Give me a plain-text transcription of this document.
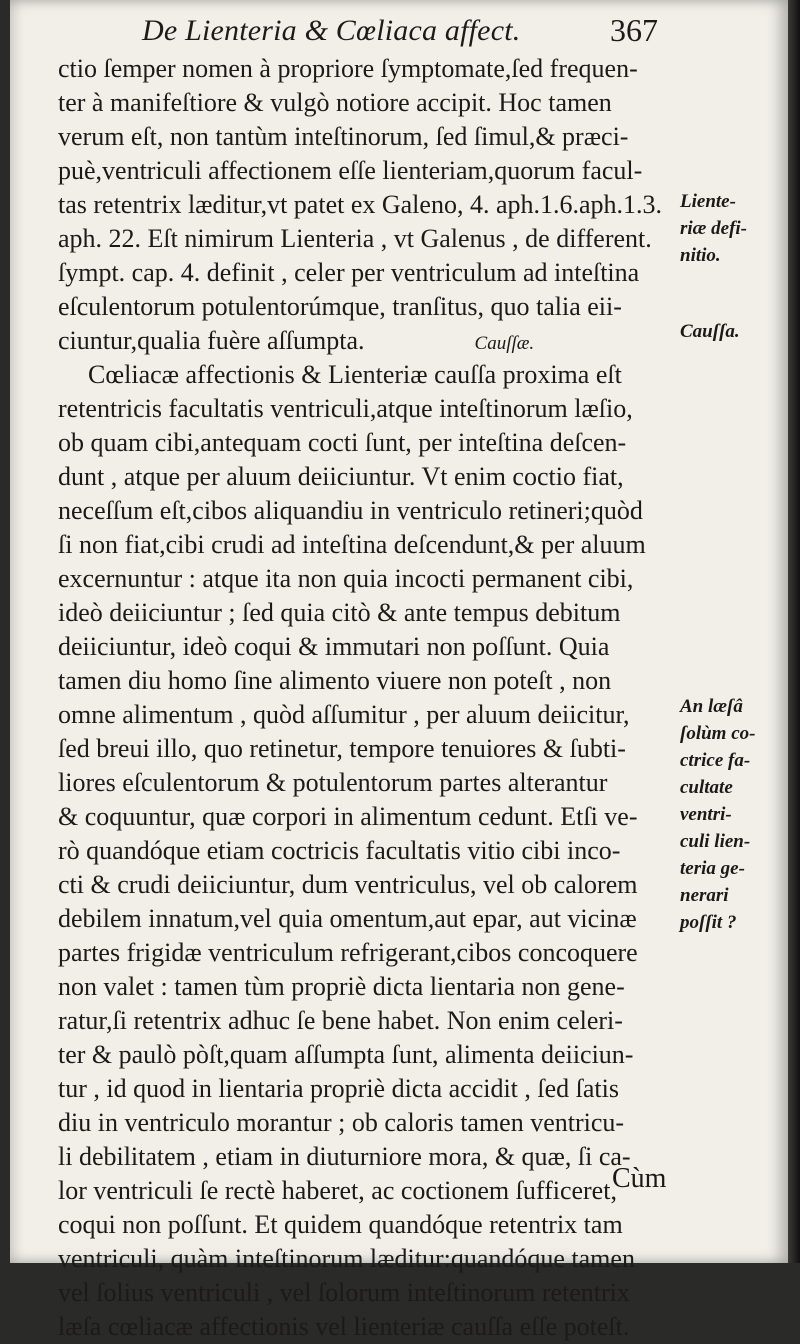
De Lienteria & Cœliaca affect.	367
ctio ſemper nomen à propriore ſymptomate,ſed frequen-
ter à manifeſtiore & vulgò notiore accipit. Hoc tamen
verum eſt, non tantùm inteſtinorum, ſed ſimul,& præci-
puè,ventriculi affectionem eſſe lienteriam,quorum facul-
tas retentrix læditur,vt patet ex Galeno, 4. aph.1.6.aph.1.3.
aph. 22. Eſt nimirum Lienteria , vt Galenus , de different.
ſympt. cap. 4. definit , celer per ventriculum ad inteſtina
eſculentorum potulentorúmque, tranſitus, quo talia eii-
ciuntur,qualia fuère aſſumpta.	Cauſſæ.
Cœliacæ affectionis & Lienteriæ cauſſa proxima eſt
retentricis facultatis ventriculi,atque inteſtinorum læſio,
ob quam cibi,antequam cocti ſunt, per inteſtina deſcen-
dunt , atque per aluum deiiciuntur. Vt enim coctio fiat,
neceſſum eſt,cibos aliquandiu in ventriculo retineri;quòd
ſi non fiat,cibi crudi ad inteſtina deſcendunt,& per aluum
excernuntur : atque ita non quia incocti permanent cibi,
ideò deiiciuntur ; ſed quia citò & ante tempus debitum
deiiciuntur, ideò coqui & immutari non poſſunt. Quia
tamen diu homo ſine alimento viuere non poteſt , non
omne alimentum , quòd aſſumitur , per aluum deiicitur,
ſed breui illo, quo retinetur, tempore tenuiores & ſubti-
liores eſculentorum & potulentorum partes alterantur
& coquuntur, quæ corpori in alimentum cedunt. Etſi ve-
rò quandóque etiam coctricis facultatis vitio cibi inco-
cti & crudi deiiciuntur, dum ventriculus, vel ob calorem
debilem innatum,vel quia omentum,aut epar, aut vicinæ
partes frigidæ ventriculum refrigerant,cibos concoquere
non valet : tamen tùm propriè dicta lientaria non gene-
ratur,ſi retentrix adhuc ſe bene habet. Non enim celeri-
ter & paulò pòſt,quam aſſumpta ſunt, alimenta deiiciun-
tur , id quod in lientaria propriè dicta accidit , ſed ſatis
diu in ventriculo morantur ; ob caloris tamen ventricu-
li debilitatem , etiam in diuturniore mora, & quæ, ſi ca-
lor ventriculi ſe rectè haberet, ac coctionem ſufficeret,
coqui non poſſunt. Et quidem quandóque retentrix tam
ventriculi, quàm inteſtinorum læditur:quandóque tamen
vel ſolius ventriculi , vel ſolorum inteſtinorum retentrix
læſa cœliacæ affectionis vel lienteriæ cauſſa eſſe poteſt.
Liente-
riæ defi-
nitio.
Cauſſa.
An læſâ
ſolùm co-
ctrice fa-
cultate
ventri-
culi lien-
teria ge-
nerari
poſſit ?
Cùm
